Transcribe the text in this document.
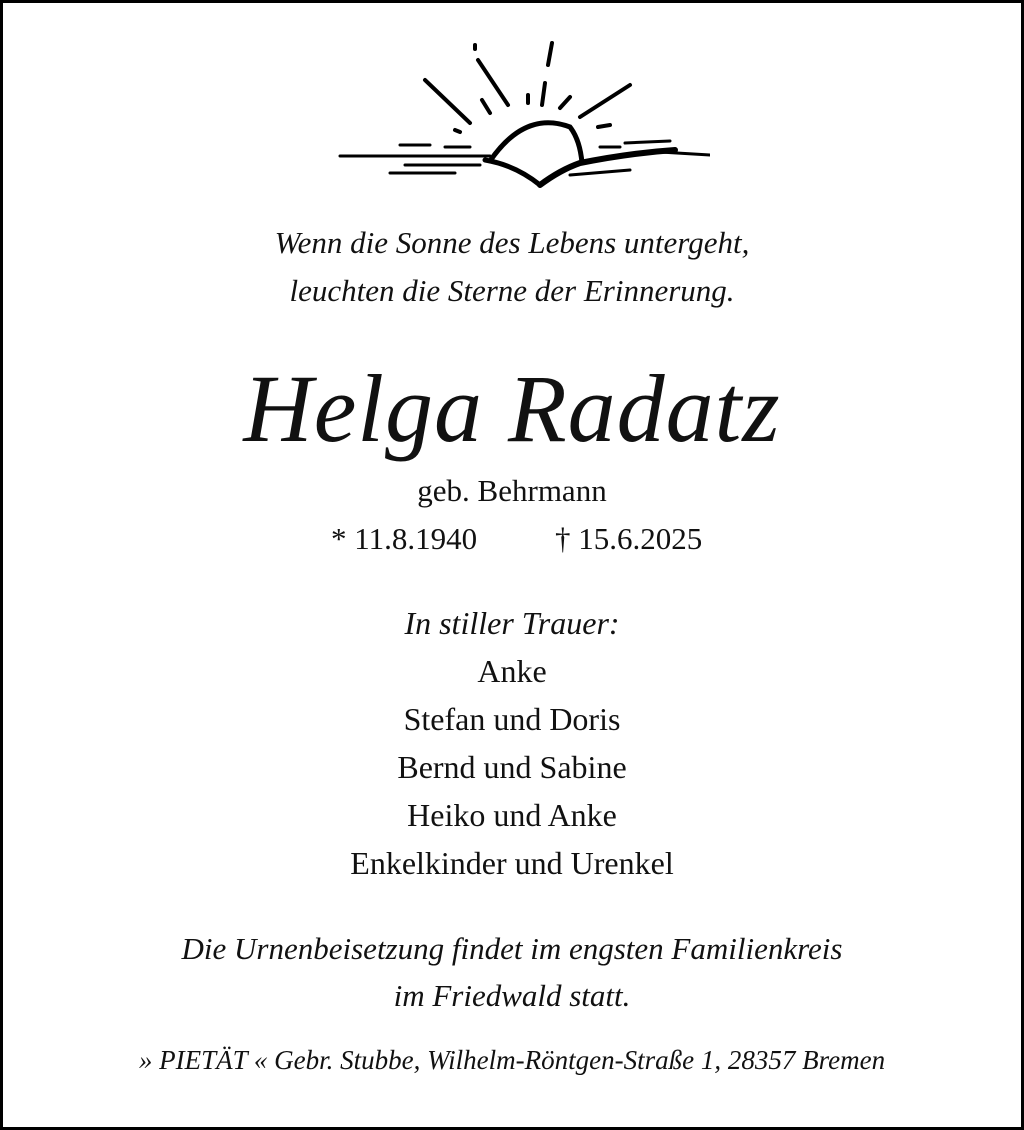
Wenn die Sonne des Lebens untergeht,
leuchten die Sterne der Erinnerung.
Helga Radatz
geb. Behrmann
* 11.8.1940	† 15.6.2025
In stiller Trauer:
Anke
Stefan und Doris
Bernd und Sabine
Heiko und Anke
Enkelkinder und Urenkel
Die Urnenbeisetzung findet im engsten Familienkreis
im Friedwald statt.
» PIETÄT « Gebr. Stubbe, Wilhelm-Röntgen-Straße 1, 28357 Bremen
